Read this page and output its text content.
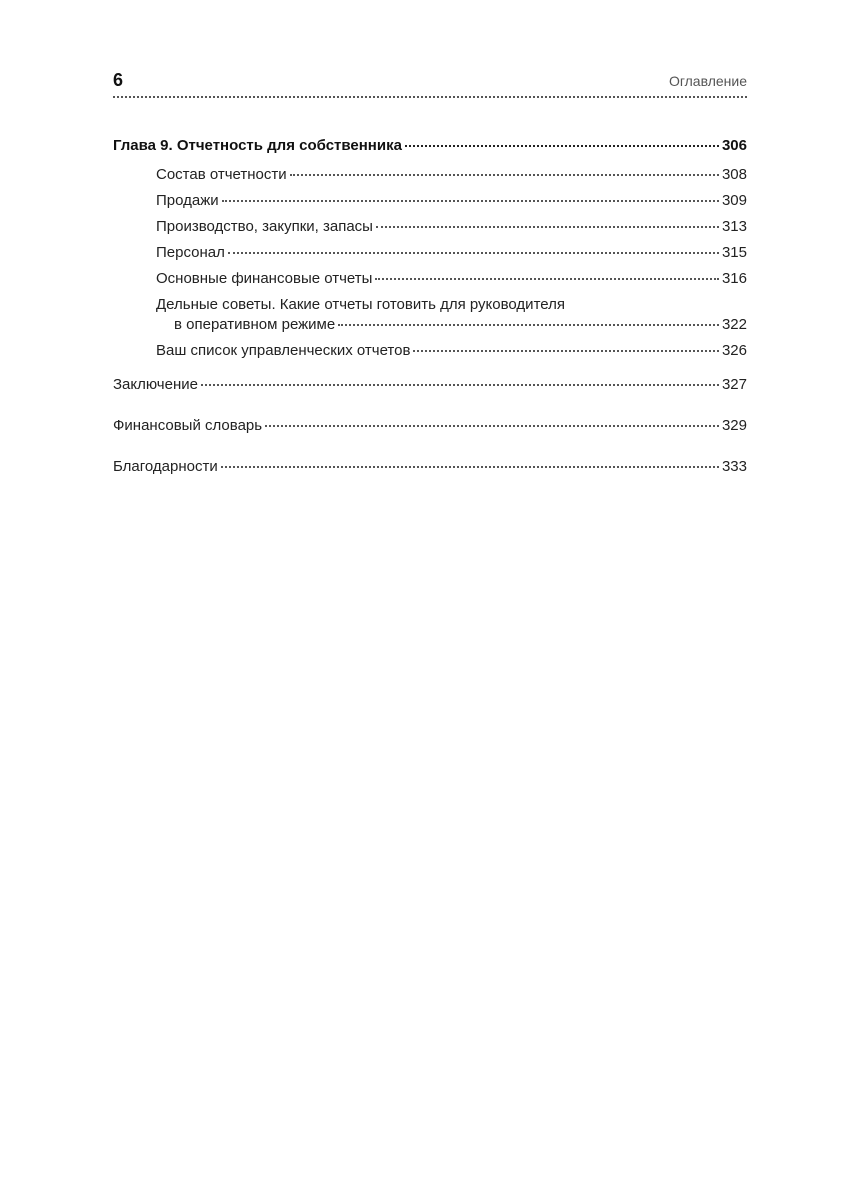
6	Оглавление
Глава 9. Отчетность для собственника	306
Состав отчетности	308
Продажи	309
Производство, закупки, запасы	313
Персонал	315
Основные финансовые отчеты	316
Дельные советы. Какие отчеты готовить для руководителя
в оперативном режиме	322
Ваш список управленческих отчетов	326
Заключение	327
Финансовый словарь	329
Благодарности	333
